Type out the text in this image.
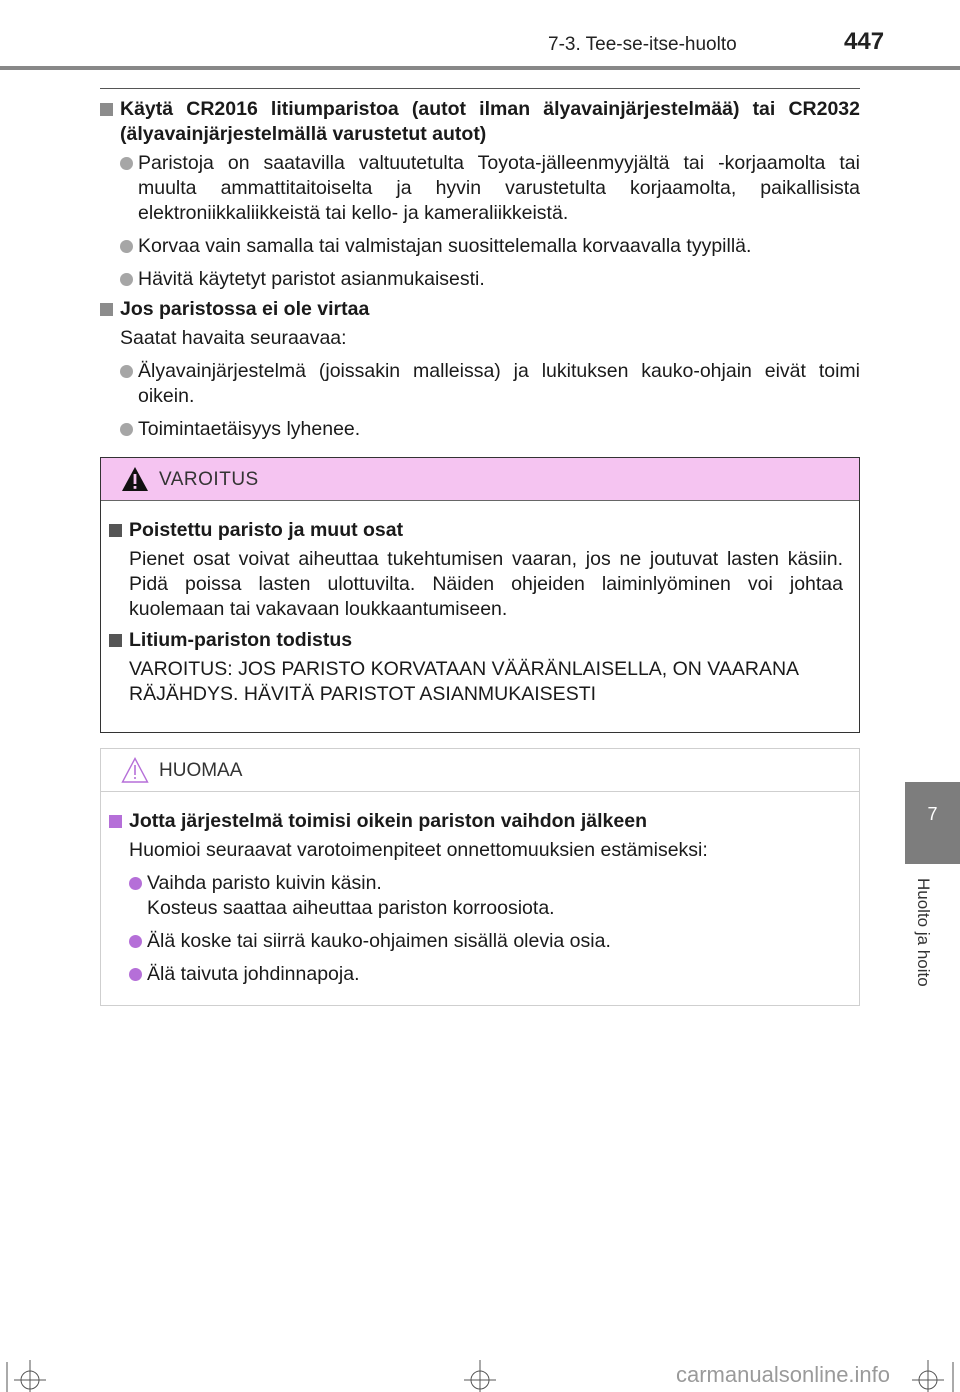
7-3. Tee-se-itse-huolto	447
7
Huolto ja hoito
Käytä CR2016 litiumparistoa (autot ilman älyavainjärjestelmää) tai CR2032 (älyavainjärjestelmällä varustetut autot)
Paristoja on saatavilla valtuutetulta Toyota-jälleenmyyjältä tai -korjaamolta tai muulta ammattitaitoiselta ja hyvin varustetulta korjaamolta, paikallisista elektroniikkaliikkeistä tai kello- ja kameraliikkeistä.
Korvaa vain samalla tai valmistajan suosittelemalla korvaavalla tyypillä.
Hävitä käytetyt paristot asianmukaisesti.
Jos paristossa ei ole virtaa
Saatat havaita seuraavaa:
Älyavainjärjestelmä (joissakin malleissa) ja lukituksen kauko-ohjain eivät toimi oikein.
Toimintaetäisyys lyhenee.
VAROITUS
Poistettu paristo ja muut osat
Pienet osat voivat aiheuttaa tukehtumisen vaaran, jos ne joutuvat lasten käsiin. Pidä poissa lasten ulottuvilta. Näiden ohjeiden laiminlyöminen voi johtaa kuolemaan tai vakavaan loukkaantumiseen.
Litium-pariston todistus
VAROITUS: JOS PARISTO KORVATAAN VÄÄRÄNLAISELLA, ON VAARANA RÄJÄHDYS. HÄVITÄ PARISTOT ASIANMUKAISESTI
HUOMAA
Jotta järjestelmä toimisi oikein pariston vaihdon jälkeen
Huomioi seuraavat varotoimenpiteet onnettomuuksien estämiseksi:
Vaihda paristo kuivin käsin.
Kosteus saattaa aiheuttaa pariston korroosiota.
Älä koske tai siirrä kauko-ohjaimen sisällä olevia osia.
Älä taivuta johdinnapoja.
carmanualsonline.info
